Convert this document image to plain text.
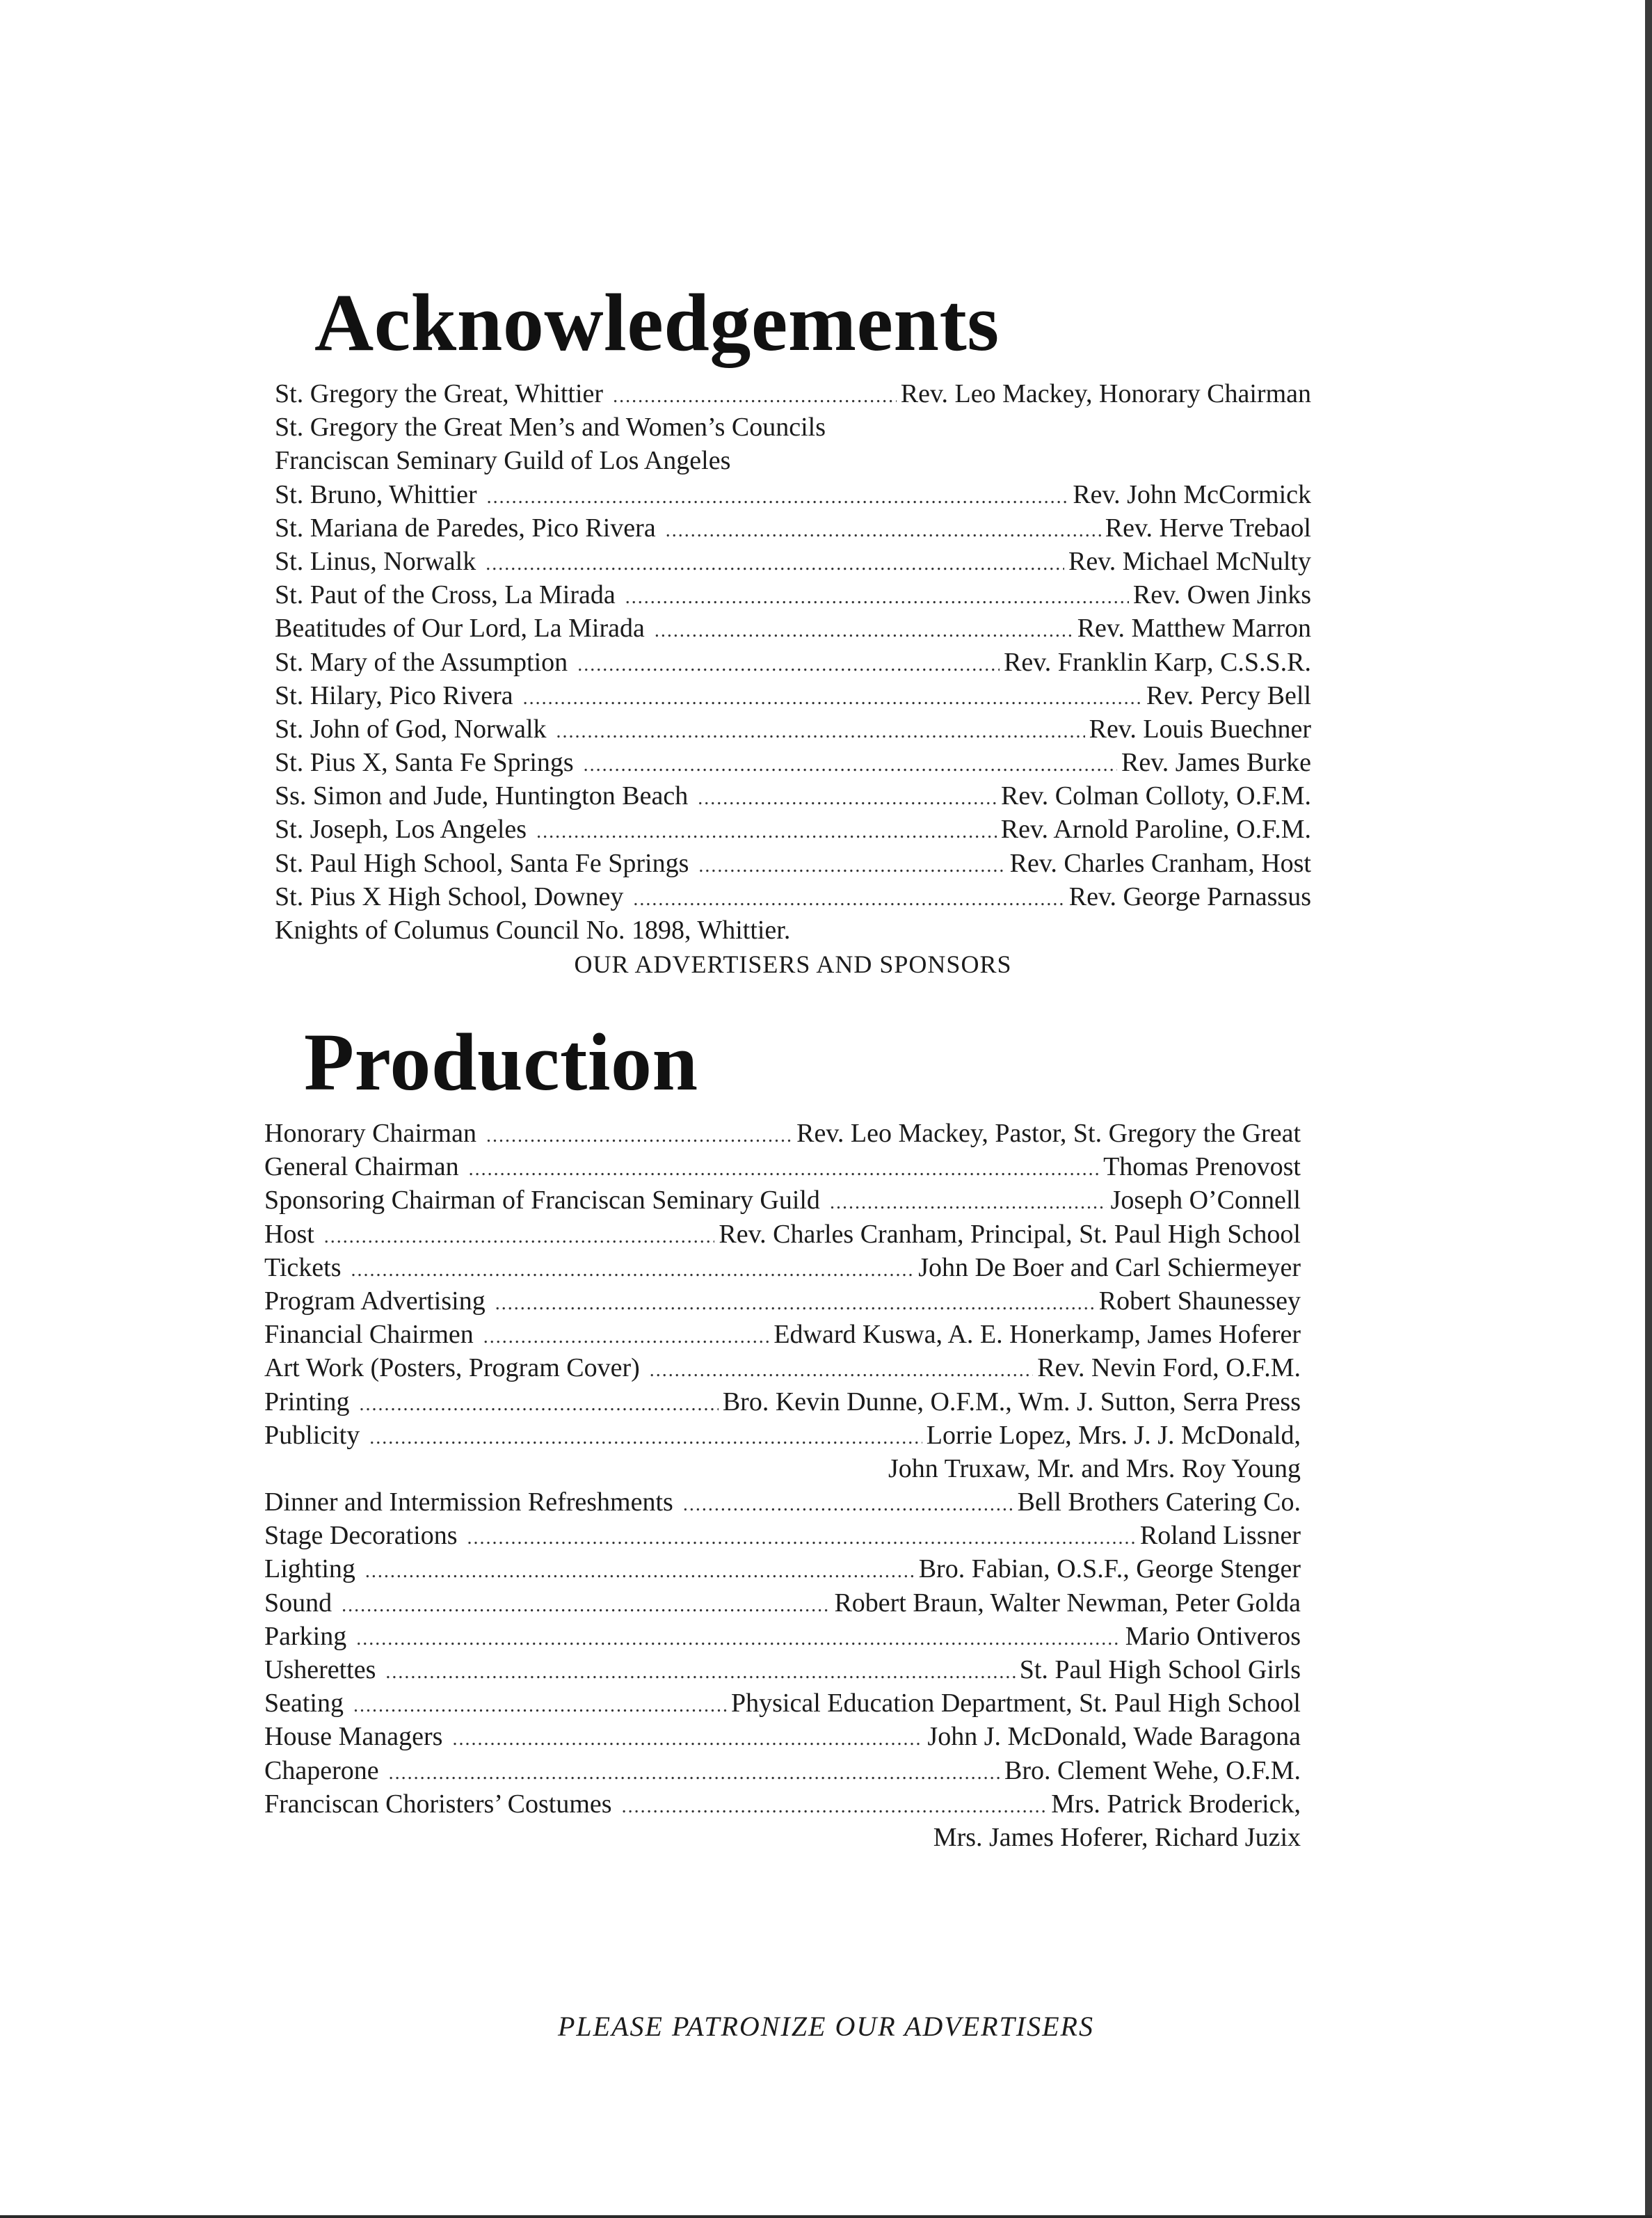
Acknowledgements
St. Gregory the Great, Whittier .....	Rev. Leo Mackey, Honorary Chairman
St. Gregory the Great Men’s and Women’s Councils
Franciscan Seminary Guild of Los Angeles
St. Bruno, Whittier .....	Rev. John McCormick
St. Mariana de Paredes, Pico Rivera .....	Rev. Herve Trebaol
St. Linus, Norwalk .....	Rev. Michael McNulty
St. Paut of the Cross, La Mirada .....	Rev. Owen Jinks
Beatitudes of Our Lord, La Mirada .....	Rev. Matthew Marron
St. Mary of the Assumption .....	Rev. Franklin Karp, C.S.S.R.
St. Hilary, Pico Rivera .....	Rev. Percy Bell
St. John of God, Norwalk .....	Rev. Louis Buechner
St. Pius X, Santa Fe Springs .....	Rev. James Burke
Ss. Simon and Jude, Huntington Beach .....	Rev. Colman Colloty, O.F.M.
St. Joseph, Los Angeles .....	Rev. Arnold Paroline, O.F.M.
St. Paul High School, Santa Fe Springs .....	Rev. Charles Cranham, Host
St. Pius X High School, Downey .....	Rev. George Parnassus
Knights of Columus Council No. 1898, Whittier.
OUR ADVERTISERS AND SPONSORS
Production
Honorary Chairman .....	Rev. Leo Mackey, Pastor, St. Gregory the Great
General Chairman .....	Thomas Prenovost
Sponsoring Chairman of Franciscan Seminary Guild .....	Joseph O’Connell
Host .....	Rev. Charles Cranham, Principal, St. Paul High School
Tickets .....	John De Boer and Carl Schiermeyer
Program Advertising .....	Robert Shaunessey
Financial Chairmen .....	Edward Kuswa, A. E. Honerkamp, James Hoferer
Art Work (Posters, Program Cover) .....	Rev. Nevin Ford, O.F.M.
Printing .....	Bro. Kevin Dunne, O.F.M., Wm. J. Sutton, Serra Press
Publicity .....	Lorrie Lopez, Mrs. J. J. McDonald,
John Truxaw, Mr. and Mrs. Roy Young
Dinner and Intermission Refreshments .....	Bell Brothers Catering Co.
Stage Decorations .....	Roland Lissner
Lighting .....	Bro. Fabian, O.S.F., George Stenger
Sound .....	Robert Braun, Walter Newman, Peter Golda
Parking .....	Mario Ontiveros
Usherettes .....	St. Paul High School Girls
Seating .....	Physical Education Department, St. Paul High School
House Managers .....	John J. McDonald, Wade Baragona
Chaperone .....	Bro. Clement Wehe, O.F.M.
Franciscan Choristers’ Costumes .....	Mrs. Patrick Broderick,
Mrs. James Hoferer, Richard Juzix
PLEASE PATRONIZE OUR ADVERTISERS
